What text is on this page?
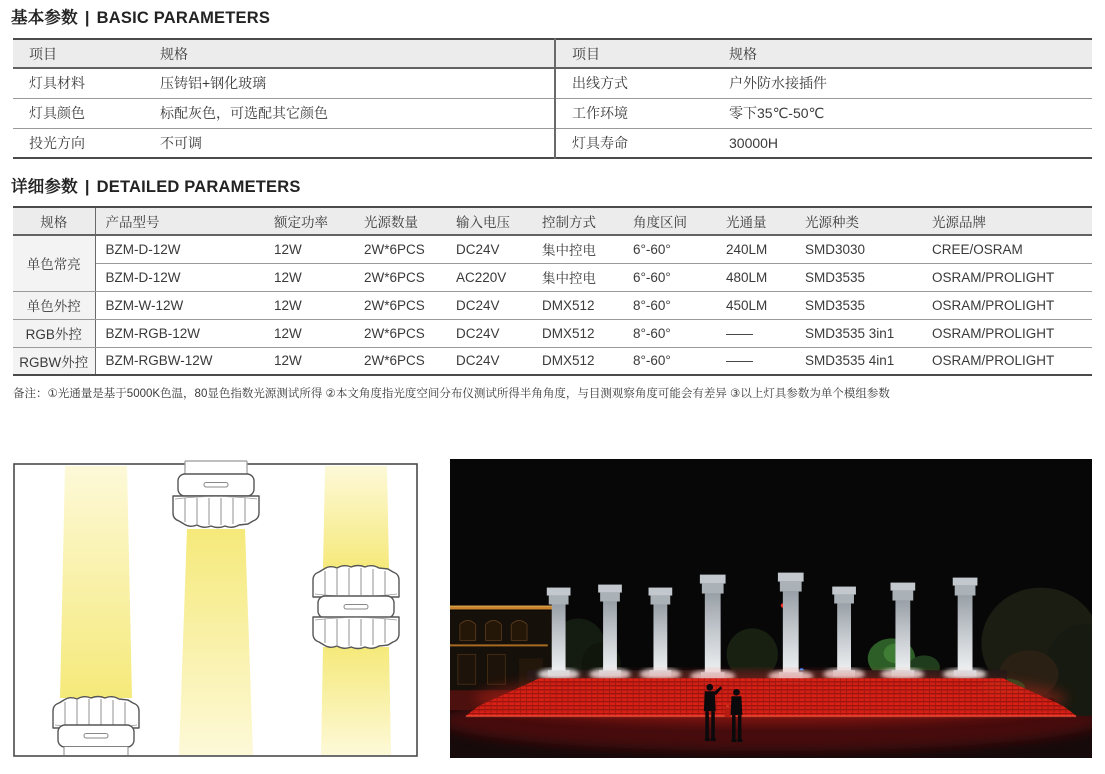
基本参数 | BASIC PARAMETERS
项目	规格	项目	规格
灯具材料	压铸铝+钢化玻璃	出线方式	户外防水接插件
灯具颜色	标配灰色，可选配其它颜色	工作环境	零下35℃-50℃
投光方向	不可调	灯具寿命	30000H
详细参数 | DETAILED PARAMETERS
规格	产品型号	额定功率	光源数量	输入电压	控制方式	角度区间	光通量	光源种类	光源品牌
单色常亮	BZM-D-12W	12W	2W*6PCS	DC24V	集中控电	6°-60°	240LM	SMD3030	CREE/OSRAM
	BZM-D-12W	12W	2W*6PCS	AC220V	集中控电	6°-60°	480LM	SMD3535	OSRAM/PROLIGHT
单色外控	BZM-W-12W	12W	2W*6PCS	DC24V	DMX512	8°-60°	450LM	SMD3535	OSRAM/PROLIGHT
RGB外控	BZM-RGB-12W	12W	2W*6PCS	DC24V	DMX512	8°-60°	——	SMD3535 3in1	OSRAM/PROLIGHT
RGBW外控	BZM-RGBW-12W	12W	2W*6PCS	DC24V	DMX512	8°-60°	——	SMD3535 4in1	OSRAM/PROLIGHT

备注：①光通量是基于5000K色温，80显色指数光源测试所得 ②本文角度指光度空间分布仪测试所得半角角度，与目测观察角度可能会有差异 ③以上灯具参数为单个模组参数
